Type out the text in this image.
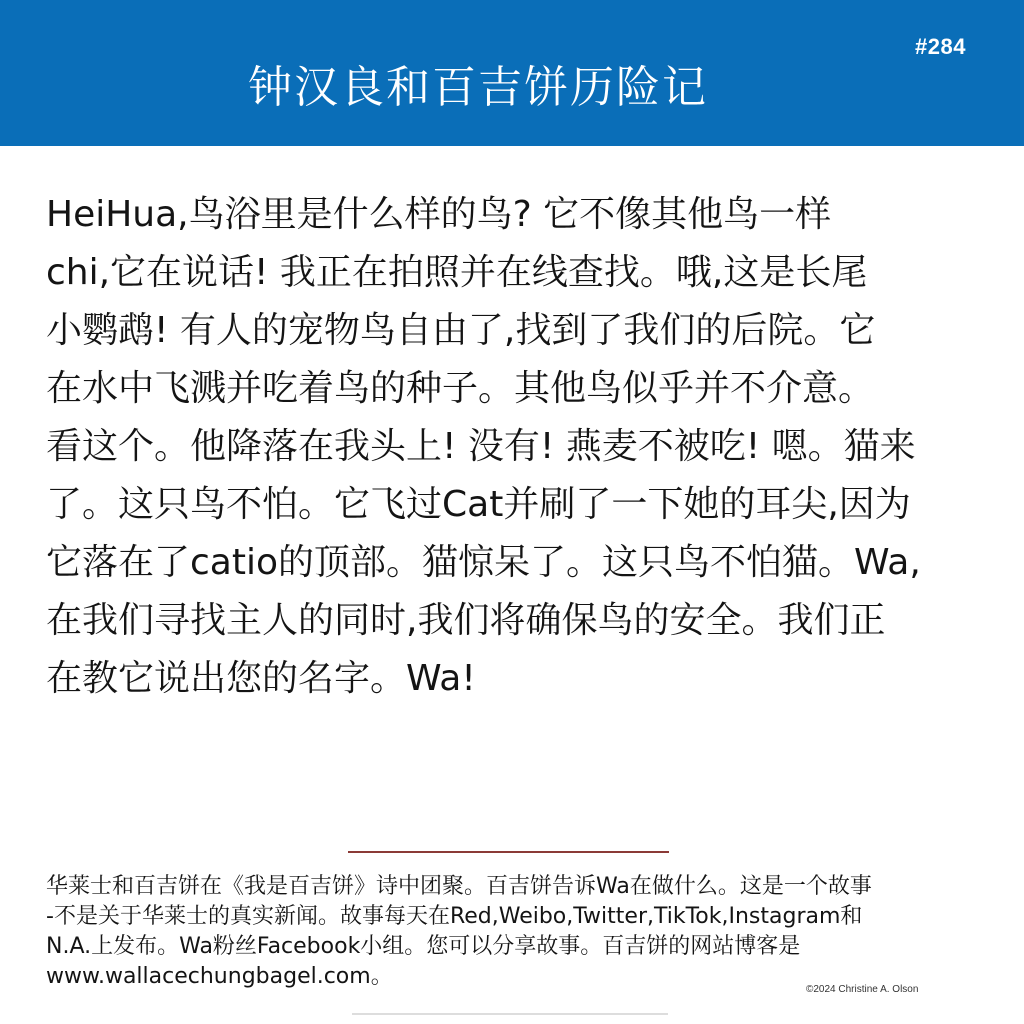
#284
钟汉良和百吉饼历险记
HeiHua,鸟浴里是什么样的鸟? 它不像其他鸟一样
chi,它在说话! 我正在拍照并在线查找。哦,这是长尾
小鹦鹉! 有人的宠物鸟自由了,找到了我们的后院。它
在水中飞溅并吃着鸟的种子。其他鸟似乎并不介意。
看这个。他降落在我头上! 没有! 燕麦不被吃! 嗯。猫来
了。这只鸟不怕。它飞过Cat并刷了一下她的耳尖,因为
它落在了catio的顶部。猫惊呆了。这只鸟不怕猫。Wa,
在我们寻找主人的同时,我们将确保鸟的安全。我们正
在教它说出您的名字。Wa!
华莱士和百吉饼在《我是百吉饼》诗中团聚。百吉饼告诉Wa在做什么。这是一个故事
-不是关于华莱士的真实新闻。故事每天在Red,Weibo,Twitter,TikTok,Instagram和
N.A.上发布。Wa粉丝Facebook小组。您可以分享故事。百吉饼的网站博客是
www.wallacechungbagel.com。
©2024 Christine A. Olson
